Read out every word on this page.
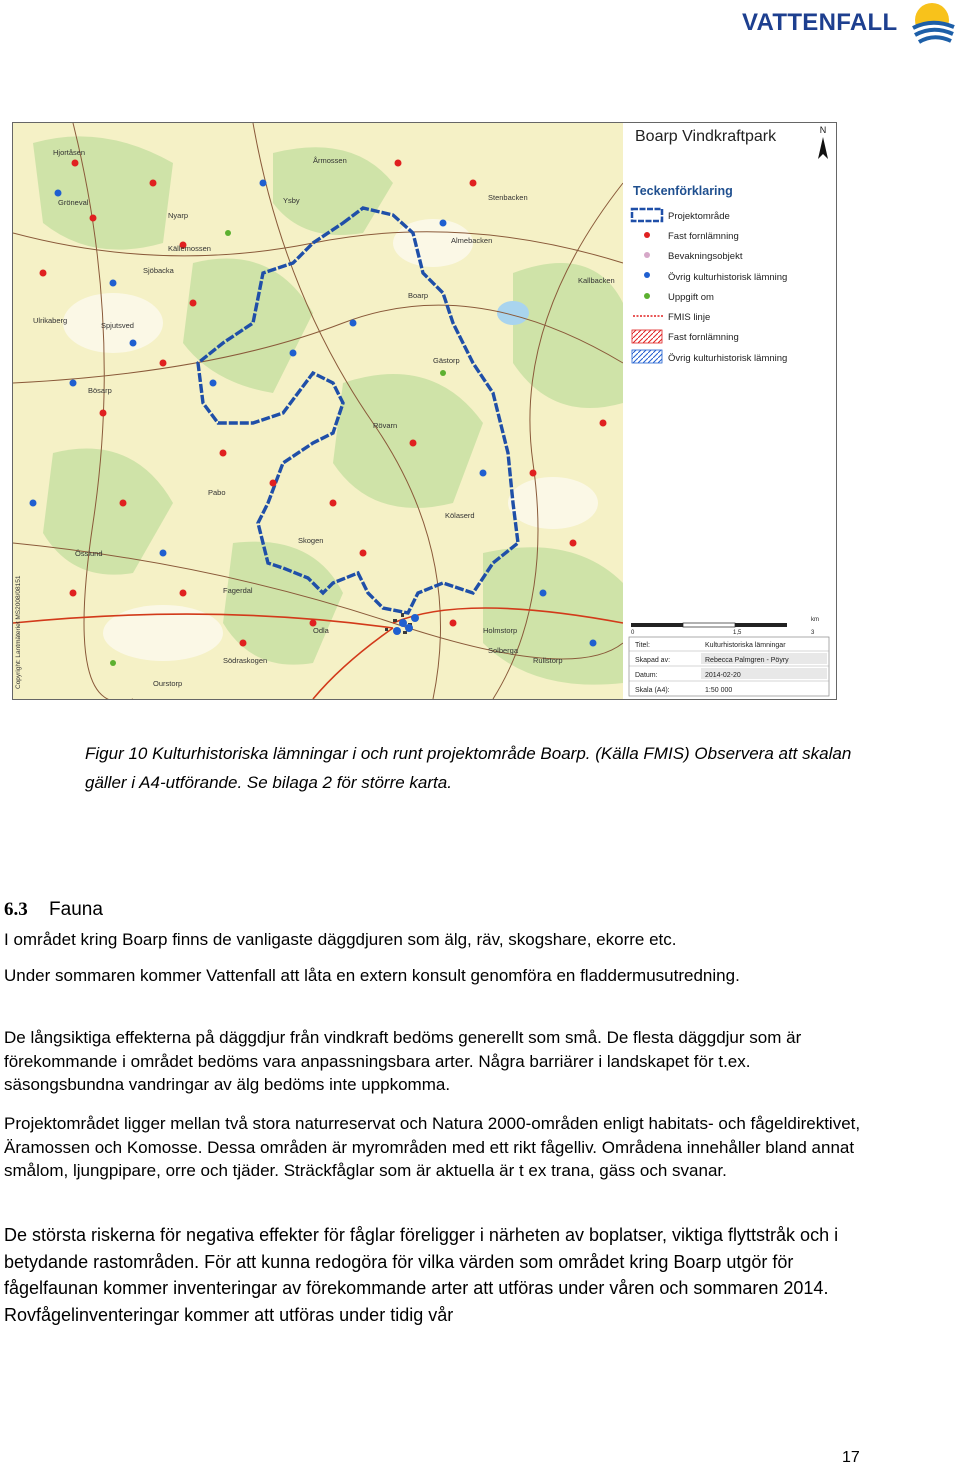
VATTENFALL
Hjortåsen
Gröneval
Årmossen
Boarp
Nyarp
Gästorp
Rövarn
Bösarp
Pabo
Skogen
Odla
Össlund
Almebacken
Kölaserd
Holmstorp
Solberga
Rullstorp
Fagerdal
Sjöbacka
Ulrikaberg
Södraskogen
Källemossen
Ysby
Ourstorp
Spjutsved
Kallbacken
Stenbacken
Copyright: Lantmäteriet MS2008/08151
Boarp Vindkraftpark	N
Teckenförklaring
Projektområde
Fast fornlämning
Bevakningsobjekt
Övrig kulturhistorisk lämning
Uppgift om
FMIS linje
Fast fornlämning
Övrig kulturhistorisk lämning
0	1,5	3
km
Titel:	Kulturhistoriska lämningar
Skapad av:	Rebecca Palmgren - Pöyry
Datum:	2014-02-20
Skala (A4):	1:50 000
Figur 10 Kulturhistoriska lämningar i och runt projektområde Boarp. (Källa FMIS) Observera att skalan gäller i A4-utförande. Se bilaga 2 för större karta.
6.3 Fauna

I området kring Boarp finns de vanligaste däggdjuren som älg, räv, skogshare, ekorre etc.

Under sommaren kommer Vattenfall att låta en extern konsult genomföra en fladdermusutredning.

De långsiktiga effekterna på däggdjur från vindkraft bedöms generellt som små. De flesta däggdjur som är förekommande i området bedöms vara anpassningsbara arter. Några barriärer i landskapet för t.ex. säsongsbundna vandringar av älg bedöms inte uppkomma.

Projektområdet ligger mellan två stora naturreservat och Natura 2000-områden enligt habitats- och fågeldirektivet, Äramossen och Komosse. Dessa områden är myrområden med ett rikt fågelliv. Områdena innehåller bland annat smålom, ljungpipare, orre och tjäder. Sträckfåglar som är aktuella är t ex trana, gäss och svanar.

De största riskerna för negativa effekter för fåglar föreligger i närheten av boplatser, viktiga flyttstråk och i betydande rastområden. För att kunna redogöra för vilka värden som området kring Boarp utgör för fågelfaunan kommer inventeringar av förekommande arter att utföras under våren och sommaren 2014. Rovfågelinventeringar kommer att utföras under tidig vår

17
